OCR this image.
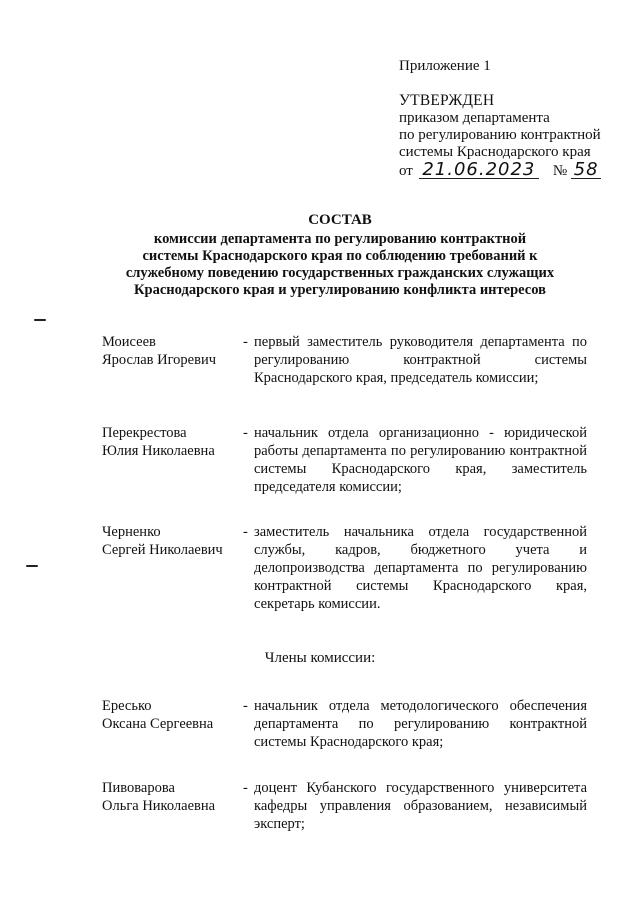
Приложение 1
УТВЕРЖДЕН
приказом департамента
по регулированию контрактной
системы Краснодарского края
от 21.06.2023 № 58
СОСТАВ
комиссии департамента по регулированию контрактной
системы Краснодарского края по соблюдению требований к
служебному поведению государственных гражданских служащих
Краснодарского края и урегулированию конфликта интересов
Моисеев
Ярослав Игоревич
- первый заместитель руководителя департамента по регулированию контрактной системы Краснодарского края, председатель комиссии;
Перекрестова
Юлия Николаевна
- начальник отдела организационно - юридической работы департамента по регулированию контрактной системы Краснодарского края, заместитель председателя комиссии;
Черненко
Сергей Николаевич
- заместитель начальника отдела государственной службы, кадров, бюджетного учета и делопроизводства департамента по регулированию контрактной системы Краснодарского края, секретарь комиссии.
Члены комиссии:
Ересько
Оксана Сергеевна
- начальник отдела методологического обеспечения департамента по регулированию контрактной системы Краснодарского края;
Пивоварова
Ольга Николаевна
- доцент Кубанского государственного университета кафедры управления образованием, независимый эксперт;
